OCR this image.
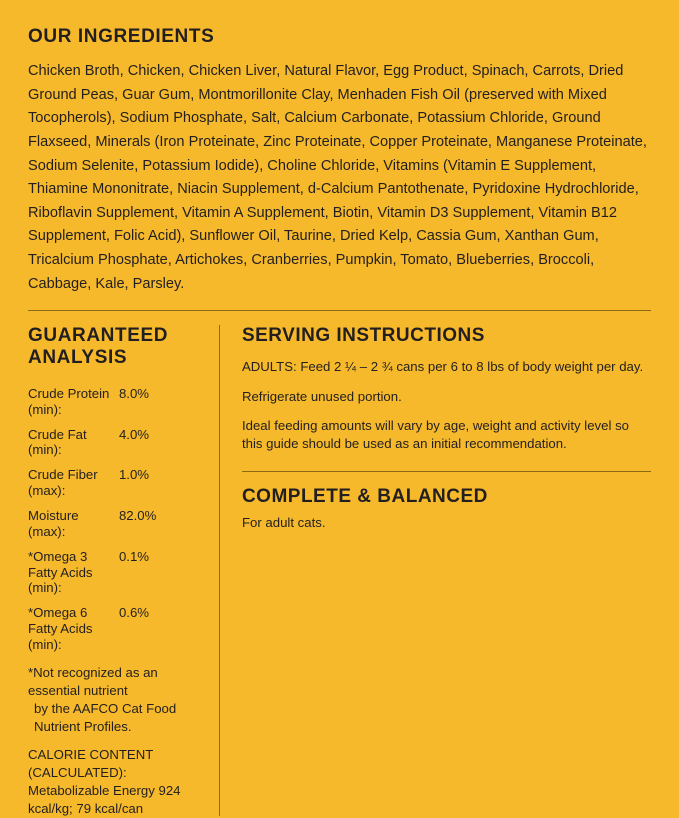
OUR INGREDIENTS

Chicken Broth, Chicken, Chicken Liver, Natural Flavor, Egg Product, Spinach, Carrots, Dried Ground Peas, Guar Gum, Montmorillonite Clay, Menhaden Fish Oil (preserved with Mixed Tocopherols), Sodium Phosphate, Salt, Calcium Carbonate, Potassium Chloride, Ground Flaxseed, Minerals (Iron Proteinate, Zinc Proteinate, Copper Proteinate, Manganese Proteinate, Sodium Selenite, Potassium Iodide), Choline Chloride, Vitamins (Vitamin E Supplement, Thiamine Mononitrate, Niacin Supplement, d-Calcium Pantothenate, Pyridoxine Hydrochloride, Riboflavin Supplement, Vitamin A Supplement, Biotin, Vitamin D3 Supplement, Vitamin B12 Supplement, Folic Acid), Sunflower Oil, Taurine, Dried Kelp, Cassia Gum, Xanthan Gum, Tricalcium Phosphate, Artichokes, Cranberries, Pumpkin, Tomato, Blueberries, Broccoli, Cabbage, Kale, Parsley.

GUARANTEED ANALYSIS
Crude Protein (min):	8.0%
Crude Fat (min):	4.0%
Crude Fiber (max):	1.0%
Moisture (max):	82.0%
*Omega 3 Fatty Acids (min):	0.1%
*Omega 6 Fatty Acids (min):	0.6%
*Not recognized as an essential nutrient
by the AAFCO Cat Food Nutrient Profiles.
CALORIE CONTENT (CALCULATED):
Metabolizable Energy 924 kcal/kg; 79 kcal/can
SERVING INSTRUCTIONS

ADULTS: Feed 2 ¼ – 2 ¾ cans per 6 to 8 lbs of body weight per day.

Refrigerate unused portion.

Ideal feeding amounts will vary by age, weight and activity level so this guide should be used as an initial recommendation.

COMPLETE & BALANCED

For adult cats.
